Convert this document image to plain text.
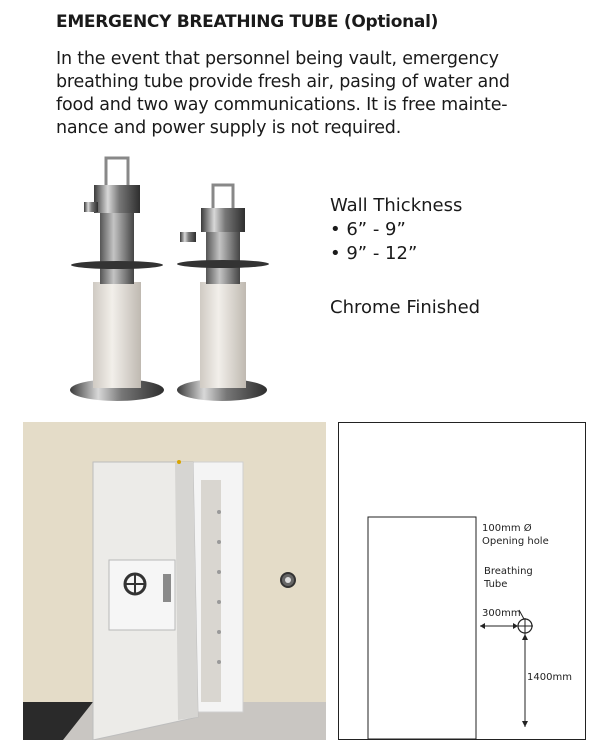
EMERGENCY BREATHING TUBE (Optional)
In the event that personnel being vault, emergency
breathing tube provide fresh air, pasing of water and
food and two way communications. It is free mainte-
nance and power supply is not required.
Wall Thickness
• 6” - 9”
• 9” - 12”
Chrome Finished
100mm Ø
Opening hole
Breathing
Tube
300mm
1400mm
